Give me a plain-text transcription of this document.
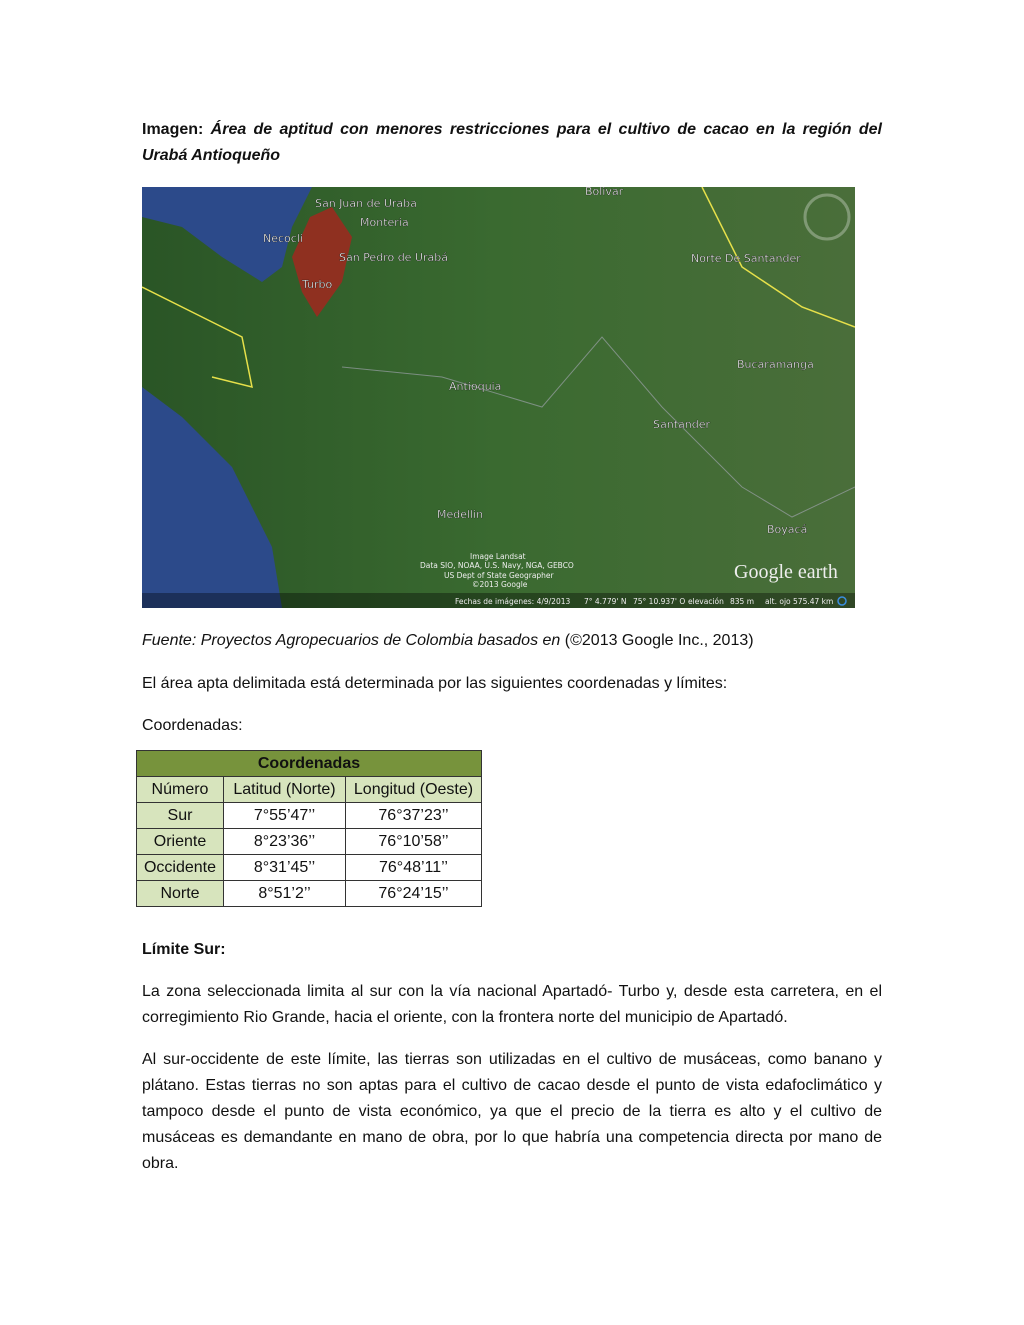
Imagen: Área de aptitud con menores restricciones para el cultivo de cacao en la región del Urabá Antioqueño
San Juan de Uraba
Monteria
Necocli
San Pedro de Urabá
Turbo
Bolivar
Norte De Santander
Bucaramanga
Antioquia
Santander
Medellin
Boyacá
Image Landsat
Data SIO, NOAA, U.S. Navy, NGA, GEBCO
US Dept of State Geographer
©2013 Google
Google earth
Fechas de imágenes: 4/9/2013 7° 4.779' N 75° 10.937' O elevación 835 m alt. ojo 575.47 km
Fuente: Proyectos Agropecuarios de Colombia basados en (©2013 Google Inc., 2013)
El área apta delimitada está determinada por las siguientes coordenadas y límites:
Coordenadas:
Coordenadas		
Número	Latitud (Norte)	Longitud (Oeste)
Sur	7°55’47’’	76°37’23’’
Oriente	8°23’36’’	76°10’58’’
Occidente	8°31’45’’	76°48’11’’
Norte	8°51’2’’	76°24’15’’
Límite Sur:
La zona seleccionada limita al sur con la vía nacional Apartadó- Turbo y, desde esta carretera, en el corregimiento Rio Grande, hacia el oriente, con la frontera norte del municipio de Apartadó.
Al sur-occidente de este límite, las tierras son utilizadas en el cultivo de musáceas, como banano y plátano. Estas tierras no son aptas para el cultivo de cacao desde el punto de vista edafoclimático y tampoco desde el punto de vista económico, ya que el precio de la tierra es alto y el cultivo de musáceas es demandante en mano de obra, por lo que habría una competencia directa por mano de obra.
